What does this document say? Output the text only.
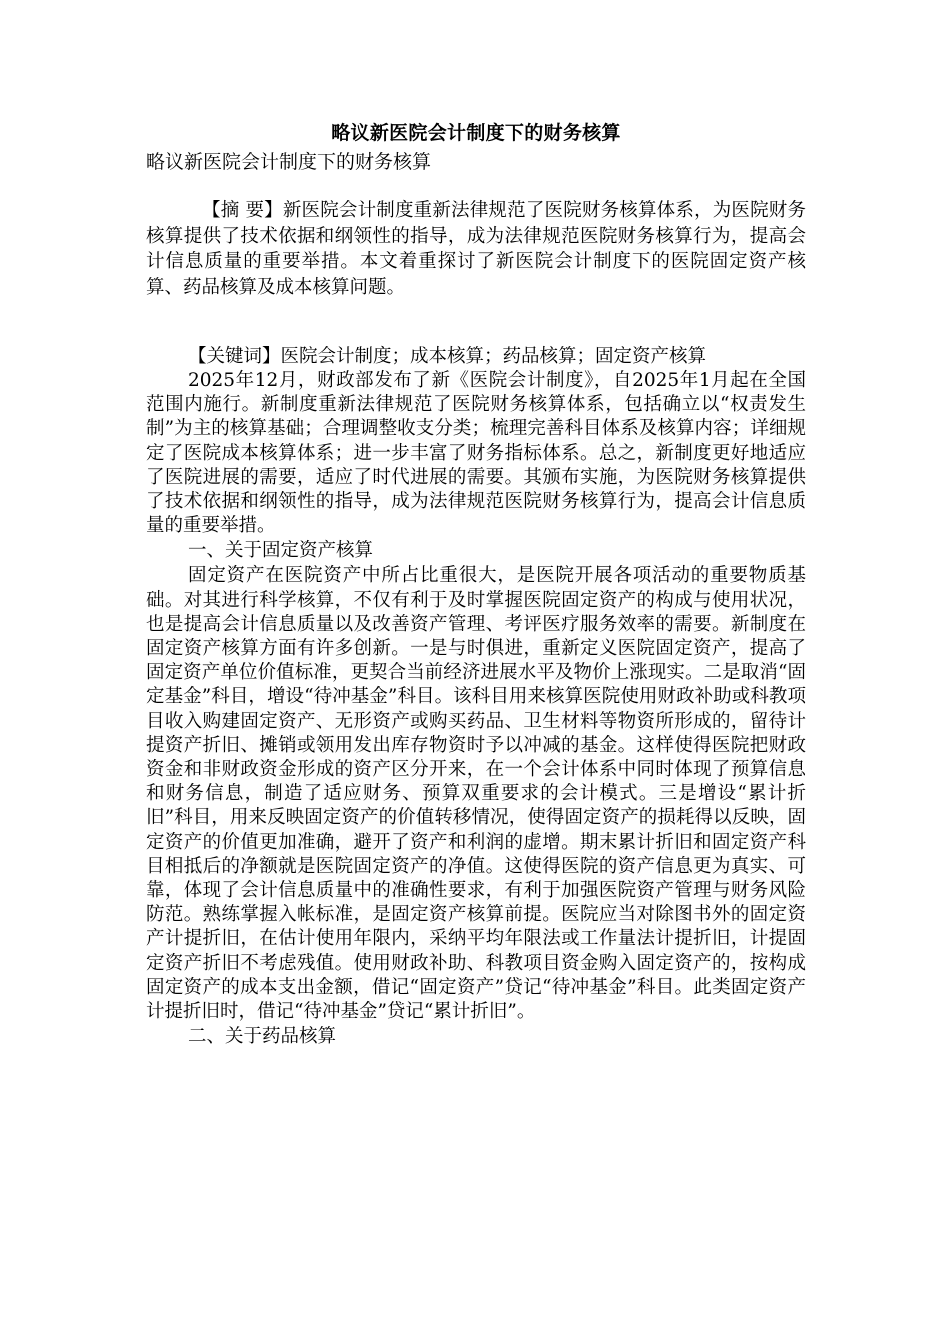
略议新医院会计制度下的财务核算
略议新医院会计制度下的财务核算

【摘 要】新医院会计制度重新法律规范了医院财务核算体系，为医院财务核算提供了技术依据和纲领性的指导，成为法律规范医院财务核算行为，提高会计信息质量的重要举措。本文着重探讨了新医院会计制度下的医院固定资产核算、药品核算及成本核算问题。

【关键词】医院会计制度；成本核算；药品核算；固定资产核算

2025年12月，财政部发布了新《医院会计制度》，自2025年1月起在全国范围内施行。新制度重新法律规范了医院财务核算体系，包括确立以“权责发生制”为主的核算基础；合理调整收支分类；梳理完善科目体系及核算内容；详细规定了医院成本核算体系；进一步丰富了财务指标体系。总之，新制度更好地适应了医院进展的需要，适应了时代进展的需要。其颁布实施，为医院财务核算提供了技术依据和纲领性的指导，成为法律规范医院财务核算行为，提高会计信息质量的重要举措。

一、关于固定资产核算

固定资产在医院资产中所占比重很大，是医院开展各项活动的重要物质基础。对其进行科学核算，不仅有利于及时掌握医院固定资产的构成与使用状况，也是提高会计信息质量以及改善资产管理、考评医疗服务效率的需要。新制度在固定资产核算方面有许多创新。一是与时俱进，重新定义医院固定资产，提高了固定资产单位价值标准，更契合当前经济进展水平及物价上涨现实。二是取消“固定基金”科目，增设“待冲基金”科目。该科目用来核算医院使用财政补助或科教项目收入购建固定资产、无形资产或购买药品、卫生材料等物资所形成的，留待计提资产折旧、摊销或领用发出库存物资时予以冲减的基金。这样使得医院把财政资金和非财政资金形成的资产区分开来，在一个会计体系中同时体现了预算信息和财务信息，制造了适应财务、预算双重要求的会计模式。三是增设“累计折旧”科目，用来反映固定资产的价值转移情况，使得固定资产的损耗得以反映，固定资产的价值更加准确，避开了资产和利润的虚增。期末累计折旧和固定资产科目相抵后的净额就是医院固定资产的净值。这使得医院的资产信息更为真实、可靠，体现了会计信息质量中的准确性要求，有利于加强医院资产管理与财务风险防范。熟练掌握入帐标准，是固定资产核算前提。医院应当对除图书外的固定资产计提折旧，在估计使用年限内，采纳平均年限法或工作量法计提折旧，计提固定资产折旧不考虑残值。使用财政补助、科教项目资金购入固定资产的，按构成固定资产的成本支出金额，借记“固定资产”贷记“待冲基金”科目。此类固定资产计提折旧时，借记“待冲基金”贷记“累计折旧”。

二、关于药品核算
